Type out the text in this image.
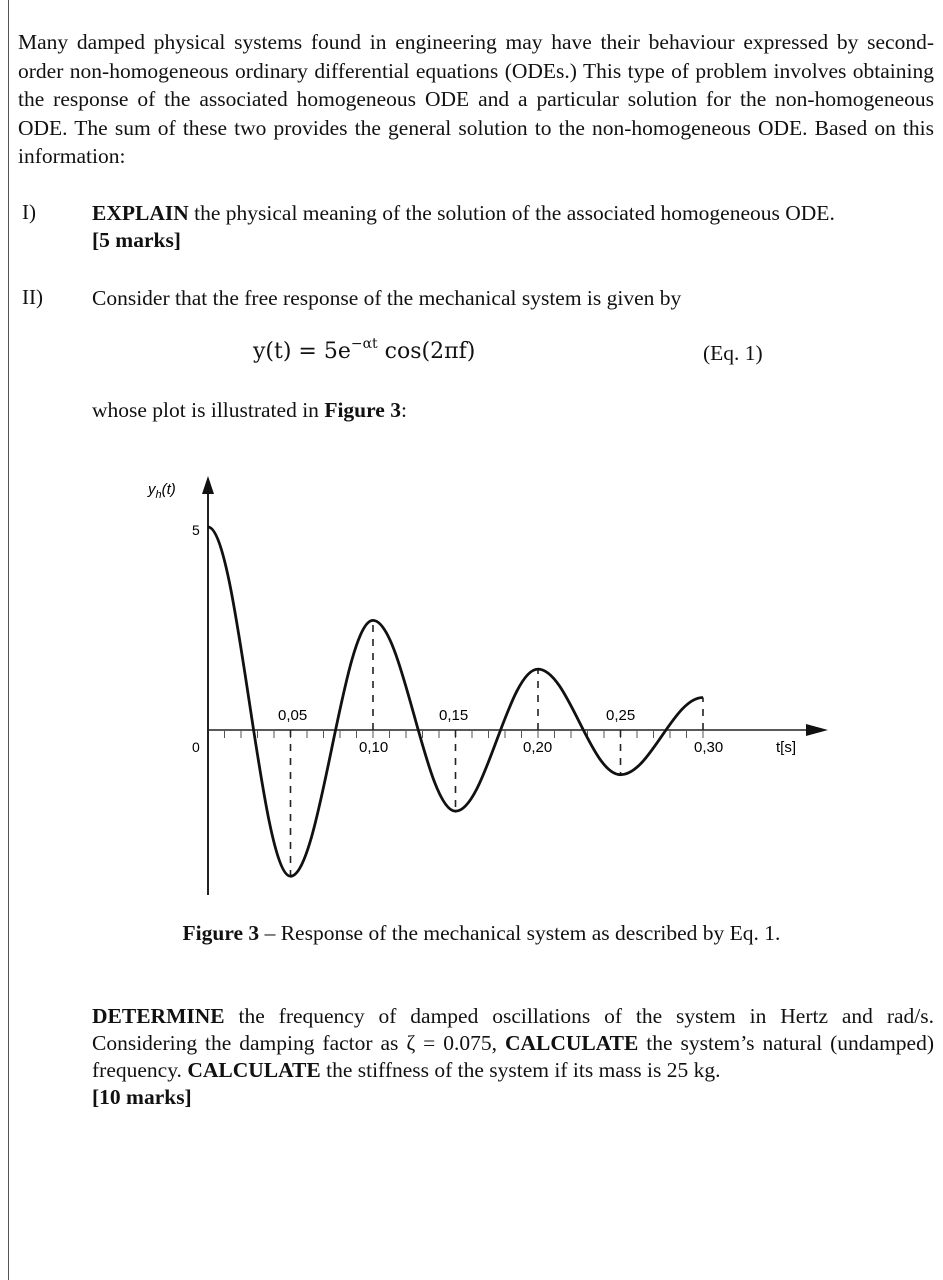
Many damped physical systems found in engineering may have their behaviour expressed by second-order non-homogeneous ordinary differential equations (ODEs.) This type of problem involves obtaining the response of the associated homogeneous ODE and a particular solution for the non-homogeneous ODE. The sum of these two provides the general solution to the non-homogeneous ODE. Based on this information:

I)	EXPLAIN the physical meaning of the solution of the associated homogeneous ODE.
[5 marks]
II) Consider that the free response of the mechanical system is given by
$y(t) = 5e^{-\alpha t}$ cos(2πf)	(Eq. 1)
whose plot is illustrated in Figure 3:
$y_h(t)$
5
0
0,05	0,15	0,25
0,10	0,20	0,30	t[s]
Figure 3 – Response of the mechanical system as described by Eq. 1.
DETERMINE the frequency of damped oscillations of the system in Hertz and rad/s. Considering the damping factor as ζ = 0.075, CALCULATE the system’s natural (undamped) frequency. CALCULATE the stiffness of the system if its mass is 25 kg.
[10 marks]
